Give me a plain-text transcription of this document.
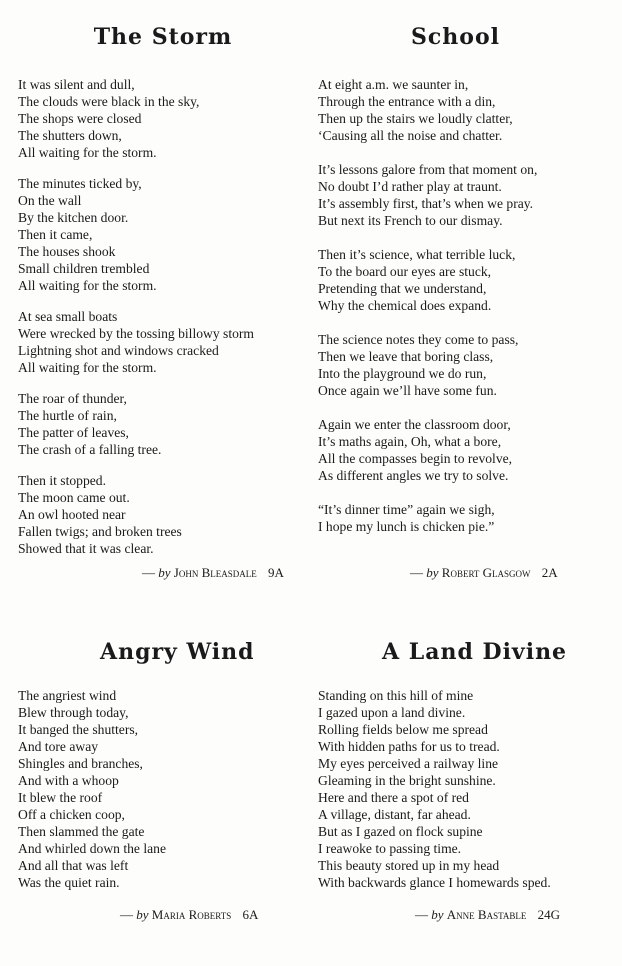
The Storm

It was silent and dull,
The clouds were black in the sky,
The shops were closed
The shutters down,
All waiting for the storm.

The minutes ticked by,
On the wall
By the kitchen door.
Then it came,
The houses shook
Small children trembled
All waiting for the storm.

At sea small boats
Were wrecked by the tossing billowy storm
Lightning shot and windows cracked
All waiting for the storm.

The roar of thunder,
The hurtle of rain,
The patter of leaves,
The crash of a falling tree.

Then it stopped.
The moon came out.
An owl hooted near
Fallen twigs; and broken trees
Showed that it was clear.

— by John Bleasdale 9A
School

At eight a.m. we saunter in,
Through the entrance with a din,
Then up the stairs we loudly clatter,
‘Causing all the noise and chatter.

It’s lessons galore from that moment on,
No doubt I’d rather play at traunt.
It’s assembly first, that’s when we pray.
But next its French to our dismay.

Then it’s science, what terrible luck,
To the board our eyes are stuck,
Pretending that we understand,
Why the chemical does expand.

The science notes they come to pass,
Then we leave that boring class,
Into the playground we do run,
Once again we’ll have some fun.

Again we enter the classroom door,
It’s maths again, Oh, what a bore,
All the compasses begin to revolve,
As different angles we try to solve.

“It’s dinner time” again we sigh,
I hope my lunch is chicken pie.”

— by Robert Glasgow 2A
Angry Wind

The angriest wind
Blew through today,
It banged the shutters,
And tore away
Shingles and branches,
And with a whoop
It blew the roof
Off a chicken coop,
Then slammed the gate
And whirled down the lane
And all that was left
Was the quiet rain.

— by Maria Roberts 6A
A Land Divine

Standing on this hill of mine
I gazed upon a land divine.
Rolling fields below me spread
With hidden paths for us to tread.
My eyes perceived a railway line
Gleaming in the bright sunshine.
Here and there a spot of red
A village, distant, far ahead.
But as I gazed on flock supine
I reawoke to passing time.
This beauty stored up in my head
With backwards glance I homewards sped.

— by Anne Bastable 24G
